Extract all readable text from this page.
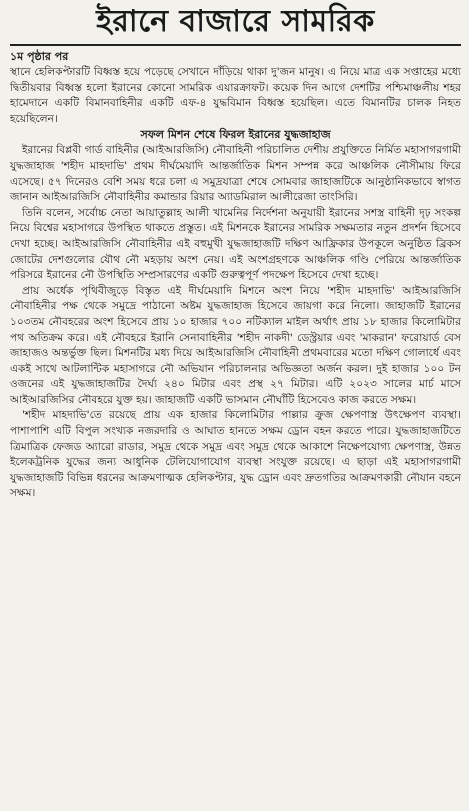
ইরানে বাজারে সামরিক
১ম পৃষ্ঠার পর

স্থানে হেলিকপ্টারটি বিধ্বস্ত হয়ে পড়েছে সেখানে দাঁড়িয়ে থাকা দু'জন মানুষ। এ নিয়ে মাত্র এক সপ্তাহের মধ্যে দ্বিতীয়বার বিধ্বস্ত হলো ইরানের কোনো সামরিক এয়ারক্রাফট। কয়েক দিন আগে দেশটির পশ্চিমাঞ্চলীয় শহর হামেদানে একটি বিমানবাহিনীর একটি এফ-৪ যুদ্ধবিমান বিধ্বস্ত হয়েছিল। এতে বিমানটির চালক নিহত হয়েছিলেন।

সফল মিশন শেষে ফিরল ইরানের যুদ্ধজাহাজ

ইরানের বিপ্লবী গার্ড বাহিনীর (আইআরজিসি) নৌবাহিনী পরিচালিত দেশীয় প্রযুক্তিতে নির্মিত মহাসাগরগামী যুদ্ধজাহাজ 'শহীদ মাহদাভি' প্রথম দীর্ঘমেয়াদি আন্তর্জাতিক মিশন সম্পন্ন করে আঞ্চলিক নৌসীমায় ফিরে এসেছে। ৫৭ দিনেরও বেশি সময় ধরে চলা এ সমুদ্রযাত্রা শেষে সোমবার জাহাজটিকে আনুষ্ঠানিকভাবে স্বাগত জানান আইআরজিসি নৌবাহিনীর কমান্ডার রিয়ার অ্যাডমিরাল আলীরেজা তাংসিরি।

তিনি বলেন, সর্বোচ্চ নেতা আয়াতুল্লাহ আলী খামেনির নির্দেশনা অনুযায়ী ইরানের সশস্ত্র বাহিনী দৃঢ় সংকল্প নিয়ে বিশ্বের মহাসাগরে উপস্থিত থাকতে প্রস্তুত। এই মিশনকে ইরানের সামরিক সক্ষমতার নতুন প্রদর্শন হিসেবে দেখা হচ্ছে। আইআরজিসি নৌবাহিনীর এই বহুমুখী যুদ্ধজাহাজটি দক্ষিণ আফ্রিকার উপকূলে অনুষ্ঠিত ব্রিকস জোটের দেশগুলোর যৌথ নৌ মহড়ায় অংশ নেয়। এই অংশগ্রহণকে আঞ্চলিক গণ্ডি পেরিয়ে আন্তর্জাতিক পরিসরে ইরানের নৌ উপস্থিতি সম্প্রসারণের একটি গুরুত্বপূর্ণ পদক্ষেপ হিসেবে দেখা হচ্ছে।

প্রায় অর্ধেক পৃথিবীজুড়ে বিস্তৃত এই দীর্ঘমেয়াদি মিশনে অংশ নিয়ে 'শহীদ মাহদাভি' আইআরজিসি নৌবাহিনীর পক্ষ থেকে সমুদ্রে পাঠানো অষ্টম যুদ্ধজাহাজ হিসেবে জায়গা করে নিলো। জাহাজটি ইরানের ১০৩তম নৌবহরের অংশ হিসেবে প্রায় ১০ হাজার ৭০০ নটিক্যাল মাইল অর্থাৎ প্রায় ১৮ হাজার কিলোমিটার পথ অতিক্রম করে। এই নৌবহরে ইরানি সেনাবাহিনীর 'শহীদ নাকদী' ডেস্ট্রয়ার এবং 'মাকরান' ফরোয়ার্ড বেস জাহাজও অন্তর্ভুক্ত ছিল। মিশনটির মধ্য দিয়ে আইআরজিসি নৌবাহিনী প্রথমবারের মতো দক্ষিণ গোলার্ধে এবং একই সাথে আটলান্টিক মহাসাগরে নৌ অভিযান পরিচালনার অভিজ্ঞতা অর্জন করল। দুই হাজার ১০০ টন ওজনের এই যুদ্ধজাহাজটির দৈর্ঘ্য ২৪০ মিটার এবং প্রস্থ ২৭ মিটার। এটি ২০২৩ সালের মার্চ মাসে আইআরজিসির নৌবহরে যুক্ত হয়। জাহাজটি একটি ভাসমান নৌঘাঁটি হিসেবেও কাজ করতে সক্ষম।

'শহীদ মাহদাভি'তে রয়েছে প্রায় এক হাজার কিলোমিটার পাল্লার ক্রুজ ক্ষেপণাস্ত্র উৎক্ষেপণ ব্যবস্থা। পাশাপাশি এটি বিপুল সংখ্যক নজরদারি ও আঘাত হানতে সক্ষম ড্রোন বহন করতে পারে। যুদ্ধজাহাজটিতে ত্রিমাত্রিক ফেজড অ্যারো রাডার, সমুদ্র থেকে সমুদ্র এবং সমুদ্র থেকে আকাশে নিক্ষেপযোগ্য ক্ষেপণাস্ত্র, উন্নত ইলেকট্রনিক যুদ্ধের জন্য আধুনিক টেলিযোগাযোগ ব্যবস্থা সংযুক্ত রয়েছে। এ ছাড়া এই মহাসাগরগামী যুদ্ধজাহাজটি বিভিন্ন ধরনের আক্রমণাত্মক হেলিকপ্টার, যুদ্ধ ড্রোন এবং দ্রুতগতির আক্রমণকারী নৌযান বহনে সক্ষম।
